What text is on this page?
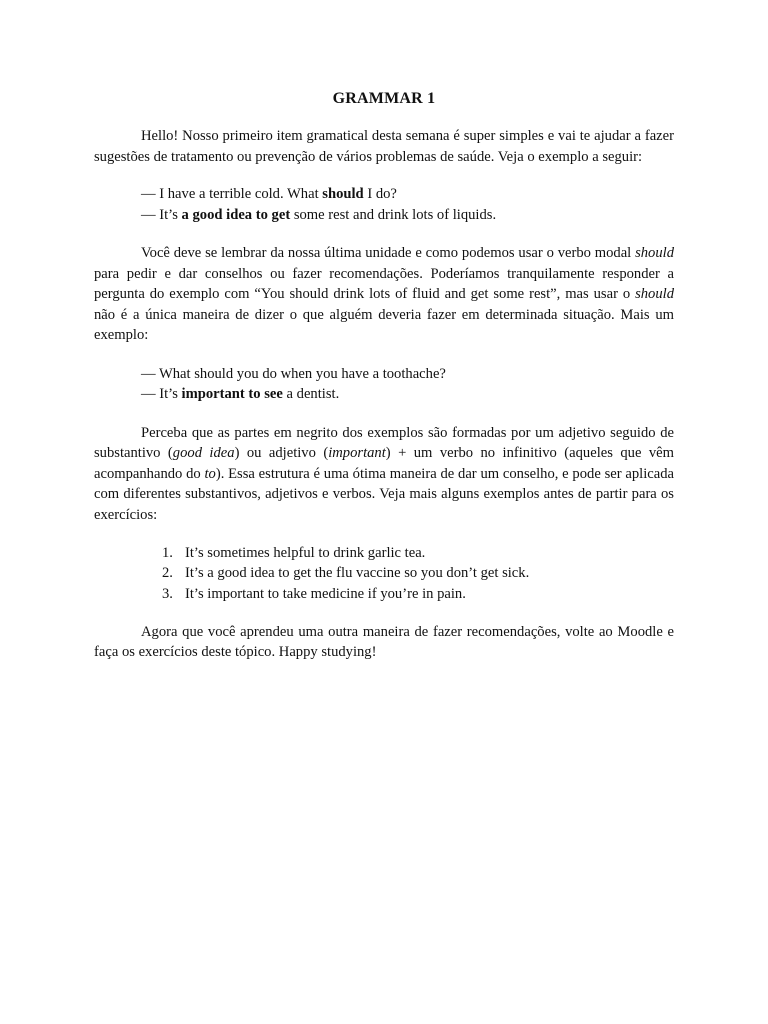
GRAMMAR 1

Hello! Nosso primeiro item gramatical desta semana é super simples e vai te ajudar a fazer sugestões de tratamento ou prevenção de vários problemas de saúde. Veja o exemplo a seguir:

— I have a terrible cold. What should I do?
— It’s a good idea to get some rest and drink lots of liquids.

Você deve se lembrar da nossa última unidade e como podemos usar o verbo modal should para pedir e dar conselhos ou fazer recomendações. Poderíamos tranquilamente responder a pergunta do exemplo com “You should drink lots of fluid and get some rest”, mas usar o should não é a única maneira de dizer o que alguém deveria fazer em determinada situação. Mais um exemplo:

— What should you do when you have a toothache?
— It’s important to see a dentist.

Perceba que as partes em negrito dos exemplos são formadas por um adjetivo seguido de substantivo (good idea) ou adjetivo (important) + um verbo no infinitivo (aqueles que vêm acompanhando do to). Essa estrutura é uma ótima maneira de dar um conselho, e pode ser aplicada com diferentes substantivos, adjetivos e verbos. Veja mais alguns exemplos antes de partir para os exercícios:

1. It’s sometimes helpful to drink garlic tea.
2. It’s a good idea to get the flu vaccine so you don’t get sick.
3. It’s important to take medicine if you’re in pain.

Agora que você aprendeu uma outra maneira de fazer recomendações, volte ao Moodle e faça os exercícios deste tópico. Happy studying!
